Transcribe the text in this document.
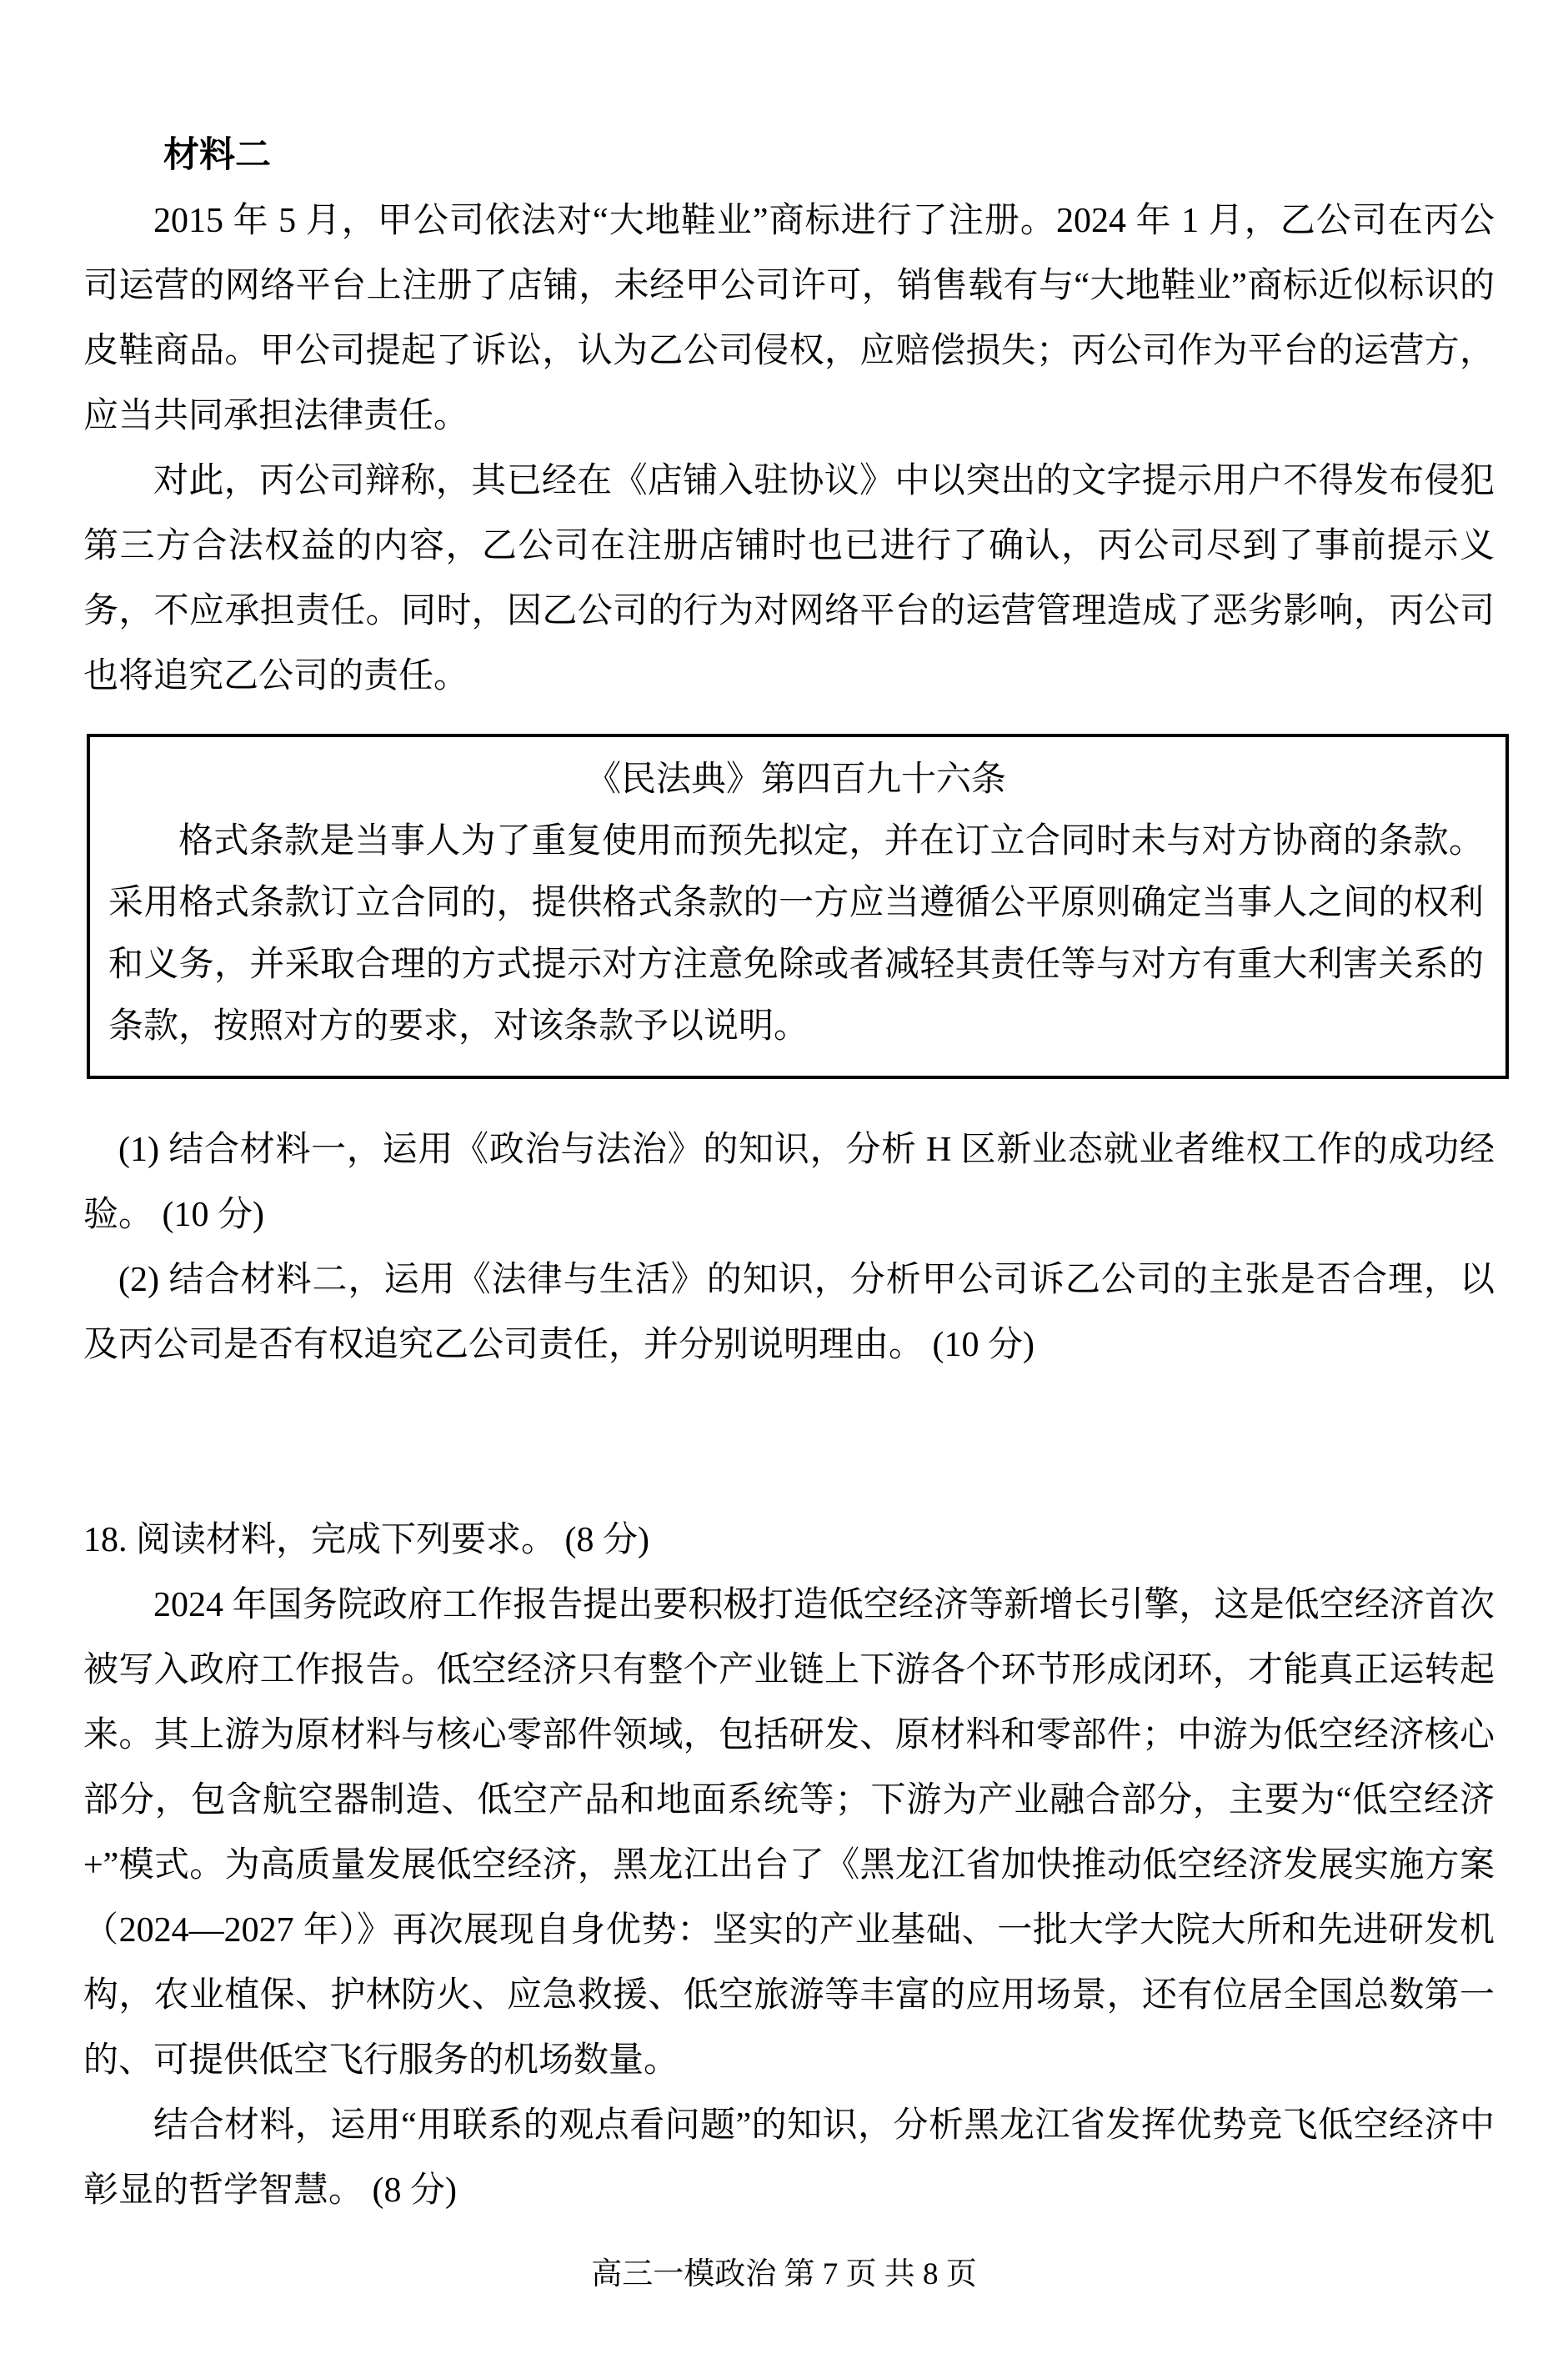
材料二

2015 年 5 月，甲公司依法对“大地鞋业”商标进行了注册。2024 年 1 月，乙公司在丙公司运营的网络平台上注册了店铺，未经甲公司许可，销售载有与“大地鞋业”商标近似标识的皮鞋商品。甲公司提起了诉讼，认为乙公司侵权，应赔偿损失；丙公司作为平台的运营方，应当共同承担法律责任。

对此，丙公司辩称，其已经在《店铺入驻协议》中以突出的文字提示用户不得发布侵犯第三方合法权益的内容，乙公司在注册店铺时也已进行了确认，丙公司尽到了事前提示义务，不应承担责任。同时，因乙公司的行为对网络平台的运营管理造成了恶劣影响，丙公司也将追究乙公司的责任。

《民法典》第四百九十六条

格式条款是当事人为了重复使用而预先拟定，并在订立合同时未与对方协商的条款。采用格式条款订立合同的，提供格式条款的一方应当遵循公平原则确定当事人之间的权利和义务，并采取合理的方式提示对方注意免除或者减轻其责任等与对方有重大利害关系的条款，按照对方的要求，对该条款予以说明。

(1) 结合材料一，运用《政治与法治》的知识，分析 H 区新业态就业者维权工作的成功经验。 (10 分)

(2) 结合材料二，运用《法律与生活》的知识，分析甲公司诉乙公司的主张是否合理，以及丙公司是否有权追究乙公司责任，并分别说明理由。 (10 分)

18. 阅读材料，完成下列要求。 (8 分)

2024 年国务院政府工作报告提出要积极打造低空经济等新增长引擎，这是低空经济首次被写入政府工作报告。低空经济只有整个产业链上下游各个环节形成闭环，才能真正运转起来。其上游为原材料与核心零部件领域，包括研发、原材料和零部件；中游为低空经济核心部分，包含航空器制造、低空产品和地面系统等；下游为产业融合部分，主要为“低空经济+”模式。为高质量发展低空经济，黑龙江出台了《黑龙江省加快推动低空经济发展实施方案（2024—2027 年）》再次展现自身优势：坚实的产业基础、一批大学大院大所和先进研发机构，农业植保、护林防火、应急救援、低空旅游等丰富的应用场景，还有位居全国总数第一的、可提供低空飞行服务的机场数量。

结合材料，运用“用联系的观点看问题”的知识，分析黑龙江省发挥优势竞飞低空经济中彰显的哲学智慧。 (8 分)

高三一模政治 第 7 页 共 8 页
